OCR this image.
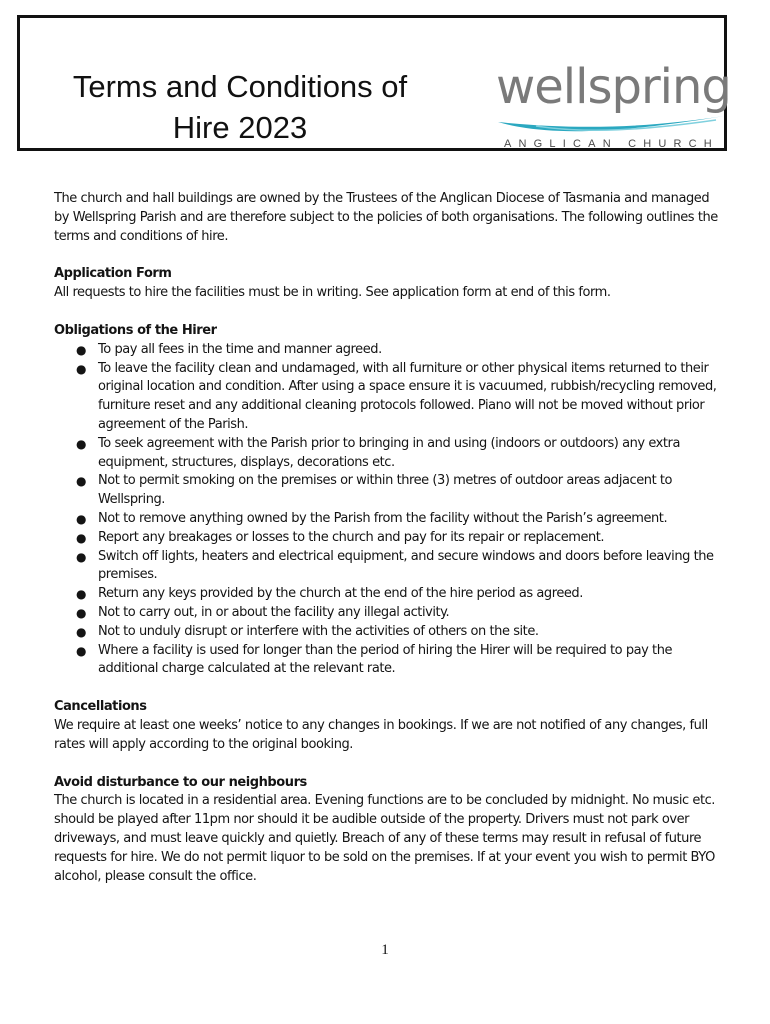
Terms and Conditions of
Hire 2023
wellspring
ANGLICAN CHURCH

The church and hall buildings are owned by the Trustees of the Anglican Diocese of Tasmania and managed by Wellspring Parish and are therefore subject to the policies of both organisations. The following outlines the terms and conditions of hire.

Application Form

All requests to hire the facilities must be in writing. See application form at end of this form.

Obligations of the Hirer

● To pay all fees in the time and manner agreed.
● To leave the facility clean and undamaged, with all furniture or other physical items returned to their original location and condition. After using a space ensure it is vacuumed, rubbish/recycling removed, furniture reset and any additional cleaning protocols followed. Piano will not be moved without prior agreement of the Parish.
● To seek agreement with the Parish prior to bringing in and using (indoors or outdoors) any extra equipment, structures, displays, decorations etc.
● Not to permit smoking on the premises or within three (3) metres of outdoor areas adjacent to Wellspring.
● Not to remove anything owned by the Parish from the facility without the Parish’s agreement.
● Report any breakages or losses to the church and pay for its repair or replacement.
● Switch off lights, heaters and electrical equipment, and secure windows and doors before leaving the premises.
● Return any keys provided by the church at the end of the hire period as agreed.
● Not to carry out, in or about the facility any illegal activity.
● Not to unduly disrupt or interfere with the activities of others on the site.
● Where a facility is used for longer than the period of hiring the Hirer will be required to pay the additional charge calculated at the relevant rate.

Cancellations

We require at least one weeks’ notice to any changes in bookings. If we are not notified of any changes, full rates will apply according to the original booking.

Avoid disturbance to our neighbours

The church is located in a residential area. Evening functions are to be concluded by midnight. No music etc. should be played after 11pm nor should it be audible outside of the property. Drivers must not park over driveways, and must leave quickly and quietly. Breach of any of these terms may result in refusal of future requests for hire. We do not permit liquor to be sold on the premises. If at your event you wish to permit BYO alcohol, please consult the office.

1
